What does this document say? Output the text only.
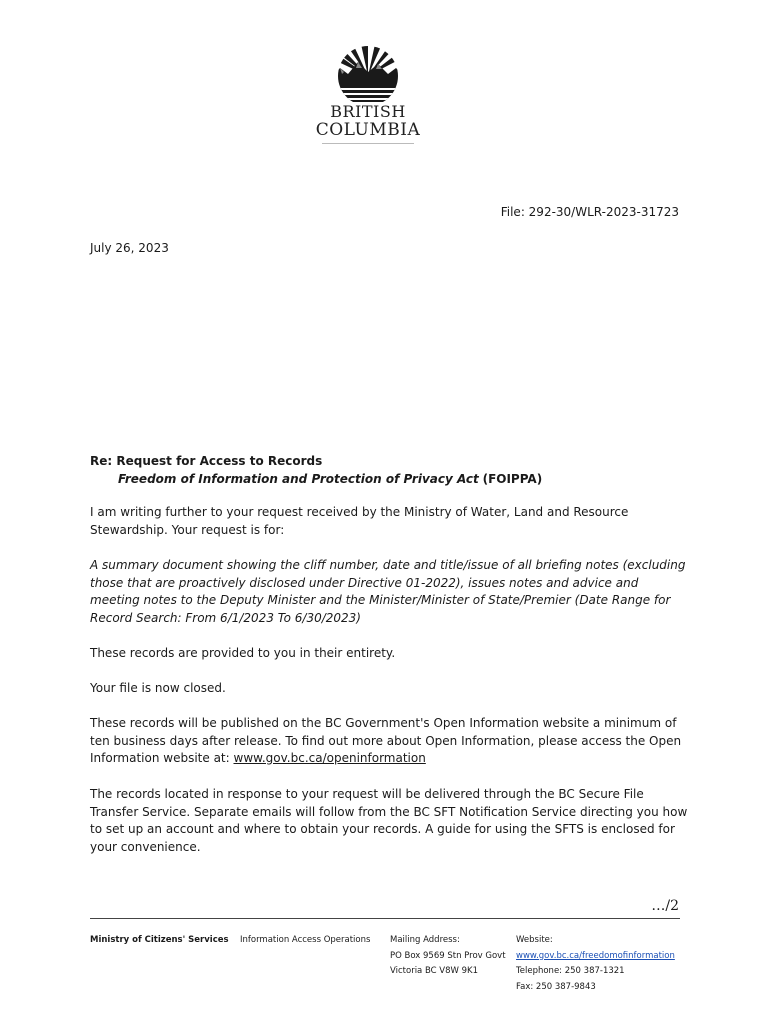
BRITISH
COLUMBIA
File: 292-30/WLR-2023-31723
July 26, 2023
Re: Request for Access to Records
Freedom of Information and Protection of Privacy Act (FOIPPA)

I am writing further to your request received by the Ministry of Water, Land and Resource Stewardship. Your request is for:

A summary document showing the cliff number, date and title/issue of all briefing notes (excluding those that are proactively disclosed under Directive 01-2022), issues notes and advice and meeting notes to the Deputy Minister and the Minister/Minister of State/Premier (Date Range for Record Search: From 6/1/2023 To 6/30/2023)

These records are provided to you in their entirety.

Your file is now closed.

These records will be published on the BC Government's Open Information website a minimum of ten business days after release. To find out more about Open Information, please access the Open Information website at: www.gov.bc.ca/openinformation

The records located in response to your request will be delivered through the BC Secure File Transfer Service. Separate emails will follow from the BC SFT Notification Service directing you how to set up an account and where to obtain your records. A guide for using the SFTS is enclosed for your convenience.

…/2
Ministry of Citizens' Services Information Access Operations Mailing Address:
PO Box 9569 Stn Prov Govt
Victoria BC V8W 9K1
Website:
www.gov.bc.ca/freedomofinformation
Telephone: 250 387-1321
Fax: 250 387-9843
